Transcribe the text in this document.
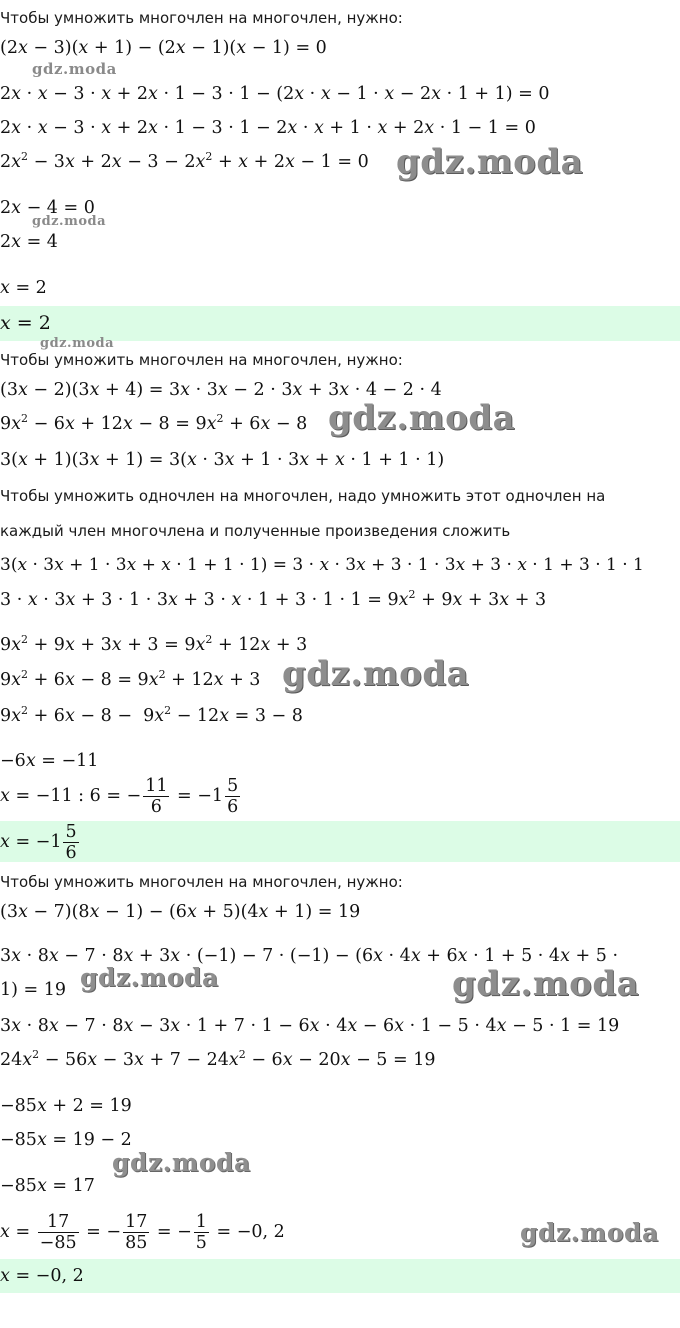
Чтобы умножить многочлен на многочлен, нужно:
(2x − 3)(x + 1) − (2x − 1)(x − 1) = 0
2x · x − 3 · x + 2x · 1 − 3 · 1 − (2x · x − 1 · x − 2x · 1 + 1) = 0
2x · x − 3 · x + 2x · 1 − 3 · 1 − 2x · x + 1 · x + 2x · 1 − 1 = 0
$2x^2 - 3x + 2x - 3 - 2x^2 + x + 2x - 1 = 0$
2x − 4 = 0
2x = 4
x = 2
x = 2
Чтобы умножить многочлен на многочлен, нужно:
(3x − 2)(3x + 4) = 3x · 3x − 2 · 3x + 3x · 4 − 2 · 4
$9x^2 - 6x + 12x - 8 = 9x^2 + 6x - 8$
3(x + 1)(3x + 1) = 3(x · 3x + 1 · 3x + x · 1 + 1 · 1)
Чтобы умножить одночлен на многочлен, надо умножить этот одночлен на
каждый член многочлена и полученные произведения сложить
3(x · 3x + 1 · 3x + x · 1 + 1 · 1) = 3 · x · 3x + 3 · 1 · 3x + 3 · x · 1 + 3 · 1 · 1
$3 \cdot x \cdot 3x + 3 \cdot 1 \cdot 3x + 3 \cdot x \cdot 1 + 3 \cdot 1 \cdot 1 = 9x^2 + 9x + 3x + 3$
$9x^2 + 9x + 3x + 3 = 9x^2 + 12x + 3$
$9x^2 + 6x - 8 = 9x^2 + 12x + 3$
$9x^2 + 6x - 8 - 9x^2 - 12x = 3 - 8$
−6x = −11
x = −11 : 6 = − $\frac{11}{6} = -1 \frac{5}{6}$
$x = -1 \frac{5}{6}$
Чтобы умножить многочлен на многочлен, нужно:
(3x − 7)(8x − 1) − (6x + 5)(4x + 1) = 19
3x · 8x − 7 · 8x + 3x · (−1) − 7 · (−1) − (6x · 4x + 6x · 1 + 5 · 4x + 5 ·
1) = 19
3x · 8x − 7 · 8x − 3x · 1 + 7 · 1 − 6x · 4x − 6x · 1 − 5 · 4x − 5 · 1 = 19
$24x^2 - 56x - 3x + 7 - 24x^2 - 6x - 20x - 5 = 19$
−85x + 2 = 19
−85x = 19 − 2
−85x = 17
$x = \frac{17}{-85}$ = − $\frac{17}{85}$ = − $\frac{1}{5} = -0$, 2
x = −0, 2
gdz.moda
gdz.moda
gdz.moda
gdz.moda
gdz.moda
gdz.moda
gdz.moda	gdz.moda
gdz.moda
gdz.moda
